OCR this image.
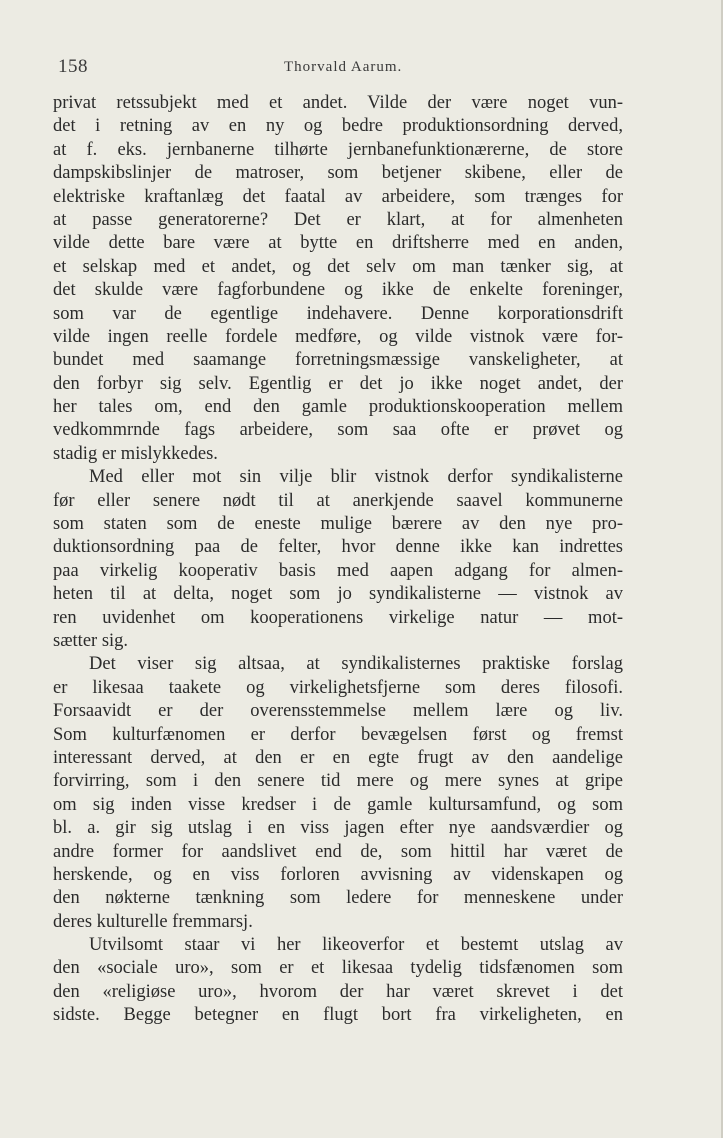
158	Thorvald Aarum.
privat retssubjekt med et andet. Vilde der være noget vun-
det i retning av en ny og bedre produktionsordning derved,
at f. eks. jernbanerne tilhørte jernbanefunktionærerne, de store
dampskibslinjer de matroser, som betjener skibene, eller de
elektriske kraftanlæg det faatal av arbeidere, som trænges for
at passe generatorerne? Det er klart, at for almenheten
vilde dette bare være at bytte en driftsherre med en anden,
et selskap med et andet, og det selv om man tænker sig, at
det skulde være fagforbundene og ikke de enkelte foreninger,
som var de egentlige indehavere. Denne korporationsdrift
vilde ingen reelle fordele medføre, og vilde vistnok være for-
bundet med saamange forretningsmæssige vanskeligheter, at
den forbyr sig selv. Egentlig er det jo ikke noget andet, der
her tales om, end den gamle produktionskooperation mellem
vedkommrnde fags arbeidere, som saa ofte er prøvet og
stadig er mislykkedes.
Med eller mot sin vilje blir vistnok derfor syndikalisterne
før eller senere nødt til at anerkjende saavel kommunerne
som staten som de eneste mulige bærere av den nye pro-
duktionsordning paa de felter, hvor denne ikke kan indrettes
paa virkelig kooperativ basis med aapen adgang for almen-
heten til at delta, noget som jo syndikalisterne — vistnok av
ren uvidenhet om kooperationens virkelige natur — mot-
sætter sig.
Det viser sig altsaa, at syndikalisternes praktiske forslag
er likesaa taakete og virkelighetsfjerne som deres filosofi.
Forsaavidt er der overensstemmelse mellem lære og liv.
Som kulturfænomen er derfor bevægelsen først og fremst
interessant derved, at den er en egte frugt av den aandelige
forvirring, som i den senere tid mere og mere synes at gripe
om sig inden visse kredser i de gamle kultursamfund, og som
bl. a. gir sig utslag i en viss jagen efter nye aandsværdier og
andre former for aandslivet end de, som hittil har været de
herskende, og en viss forloren avvisning av videnskapen og
den nøkterne tænkning som ledere for menneskene under
deres kulturelle fremmarsj.
Utvilsomt staar vi her likeoverfor et bestemt utslag av
den «sociale uro», som er et likesaa tydelig tidsfænomen som
den «religiøse uro», hvorom der har været skrevet i det
sidste. Begge betegner en flugt bort fra virkeligheten, en
